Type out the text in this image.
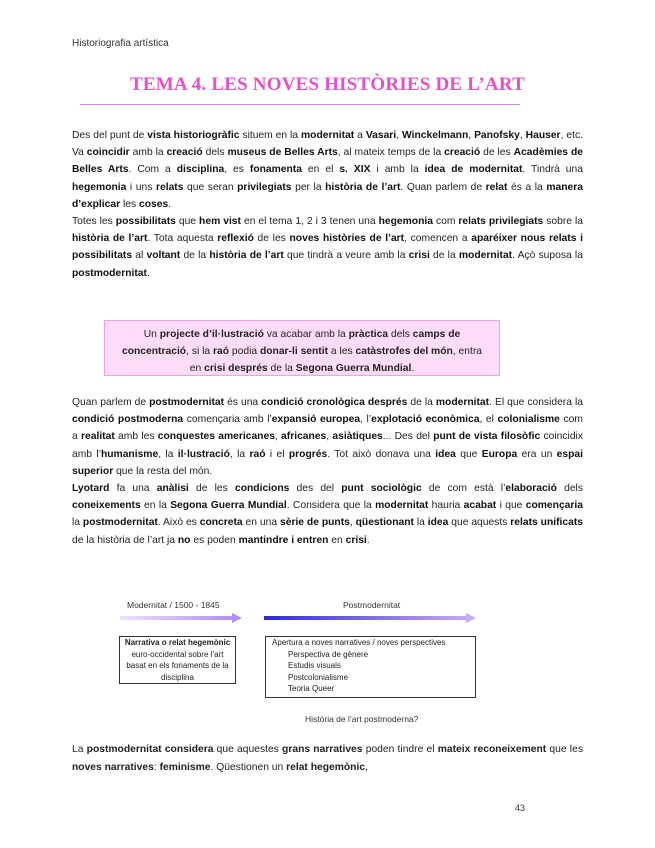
Historiografia artística
TEMA 4. LES NOVES HISTÒRIES DE L’ART
Des del punt de vista historiogràfic situem en la modernitat a Vasari, Winckelmann, Panofsky, Hauser, etc. Va coincidir amb la creació dels museus de Belles Arts, al mateix temps de la creació de les Acadèmies de Belles Arts. Com a disciplina, es fonamenta en el s. XIX i amb la idea de modernitat. Tindrà una hegemonia i uns relats que seran privilegiats per la història de l’art. Quan parlem de relat és a la manera d’explicar les coses.
Totes les possibilitats que hem vist en el tema 1, 2 i 3 tenen una hegemonia com relats privilegiats sobre la història de l’art. Tota aquesta reflexió de les noves històries de l’art, comencen a aparéixer nous relats i possibilitats al voltant de la història de l’art que tindrà a veure amb la crisi de la modernitat. Açò suposa la postmodernitat.
Un projecte d’il·lustració va acabar amb la pràctica dels camps de concentració, si la raó podia donar-li sentit a les catàstrofes del món, entra en crisi després de la Segona Guerra Mundial.
Quan parlem de postmodernitat és una condició cronològica després de la modernitat. El que considera la condició postmoderna començaria amb l’expansió europea, l’explotació econòmica, el colonialisme com a realitat amb les conquestes americanes, africanes, asiàtiques... Des del punt de vista filosòfic coincidix amb l’humanisme, la il·lustració, la raó i el progrés. Tot això donava una idea que Europa era un espai superior que la resta del món.
Lyotard fa una anàlisi de les condicions des del punt sociològic de com està l’elaboració dels coneixements en la Segona Guerra Mundial. Considera que la modernitat hauria acabat i que començaria la postmodernitat. Això es concreta en una sèrie de punts, qüestionant la idea que aquests relats unificats de la història de l’art ja no es poden mantindre i entren en crisi.
Modernitat / 1500 - 1845	Postmodernitat
Narrativa o relat hegemònic
euro-occidental sobre l’art
basat en els fonaments de la
disciplina
Apertura a noves narratives / noves perspectives
Perspectiva de gènere
Estudis visuals
Postcolonialisme
Teoria Queer
Història de l’art postmoderna?
La postmodernitat considera que aquestes grans narratives poden tindre el mateix reconeixement que les noves narratives: feminisme. Qüestionen un relat hegemònic,
43
